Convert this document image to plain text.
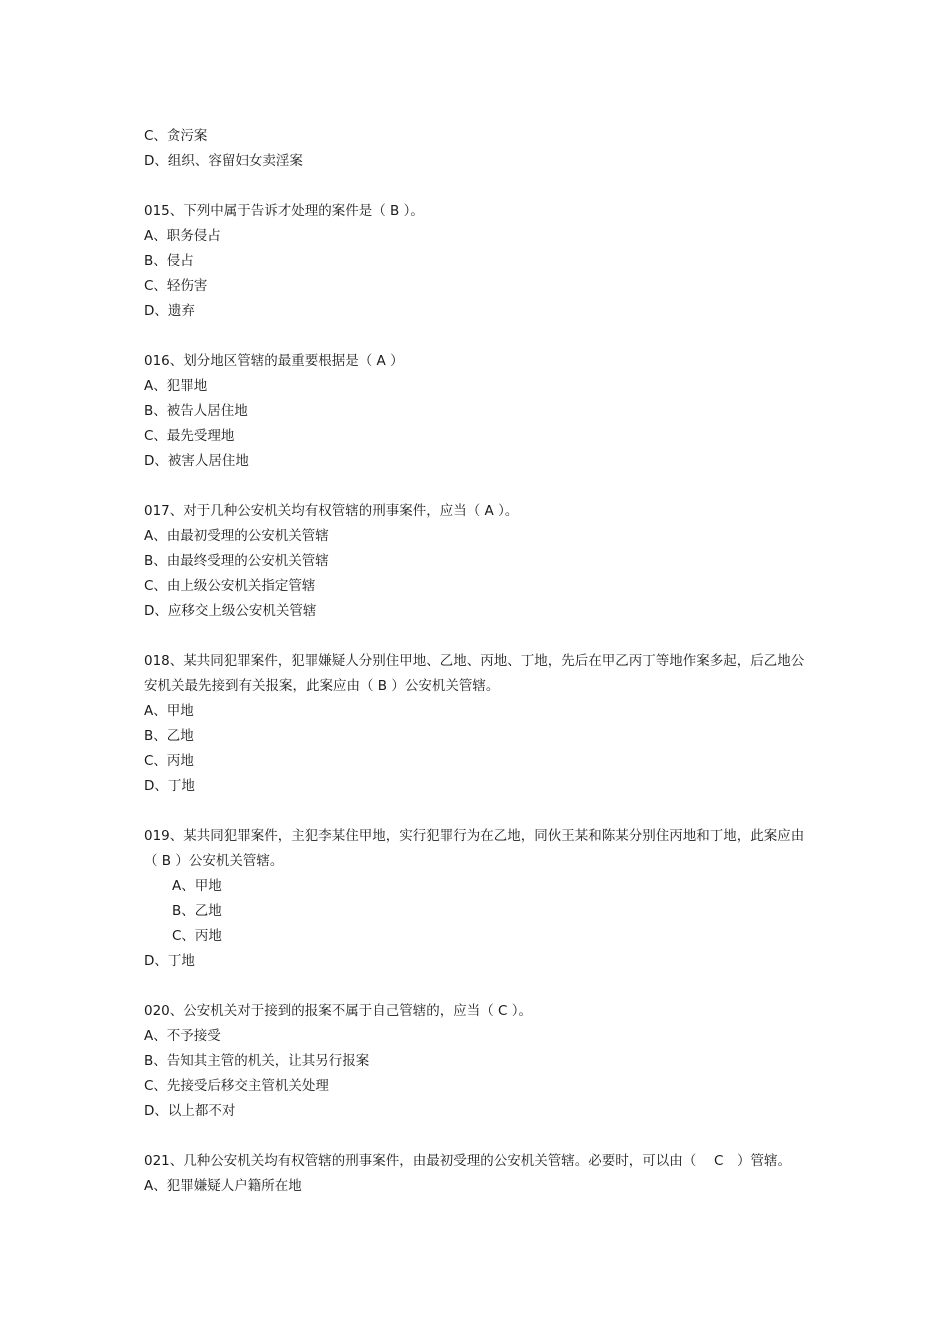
C、贪污案
D、组织、容留妇女卖淫案
015、下列中属于告诉才处理的案件是（ B ）。
A、职务侵占
B、侵占
C、轻伤害
D、遗弃
016、划分地区管辖的最重要根据是（ A ）
A、犯罪地
B、被告人居住地
C、最先受理地
D、被害人居住地
017、对于几种公安机关均有权管辖的刑事案件，应当（ A ）。
A、由最初受理的公安机关管辖
B、由最终受理的公安机关管辖
C、由上级公安机关指定管辖
D、应移交上级公安机关管辖
018、某共同犯罪案件，犯罪嫌疑人分别住甲地、乙地、丙地、丁地，先后在甲乙丙丁等地作案多起，后乙地公安机关最先接到有关报案，此案应由（ B ）公安机关管辖。
A、甲地
B、乙地
C、丙地
D、丁地
019、某共同犯罪案件，主犯李某住甲地，实行犯罪行为在乙地，同伙王某和陈某分别住丙地和丁地，此案应由（ B ）公安机关管辖。
A、甲地
B、乙地
C、丙地
D、丁地
020、公安机关对于接到的报案不属于自己管辖的，应当（ C ）。
A、不予接受
B、告知其主管的机关，让其另行报案
C、先接受后移交主管机关处理
D、以上都不对
021、几种公安机关均有权管辖的刑事案件，由最初受理的公安机关管辖。必要时，可以由（　 C　）管辖。
A、犯罪嫌疑人户籍所在地
